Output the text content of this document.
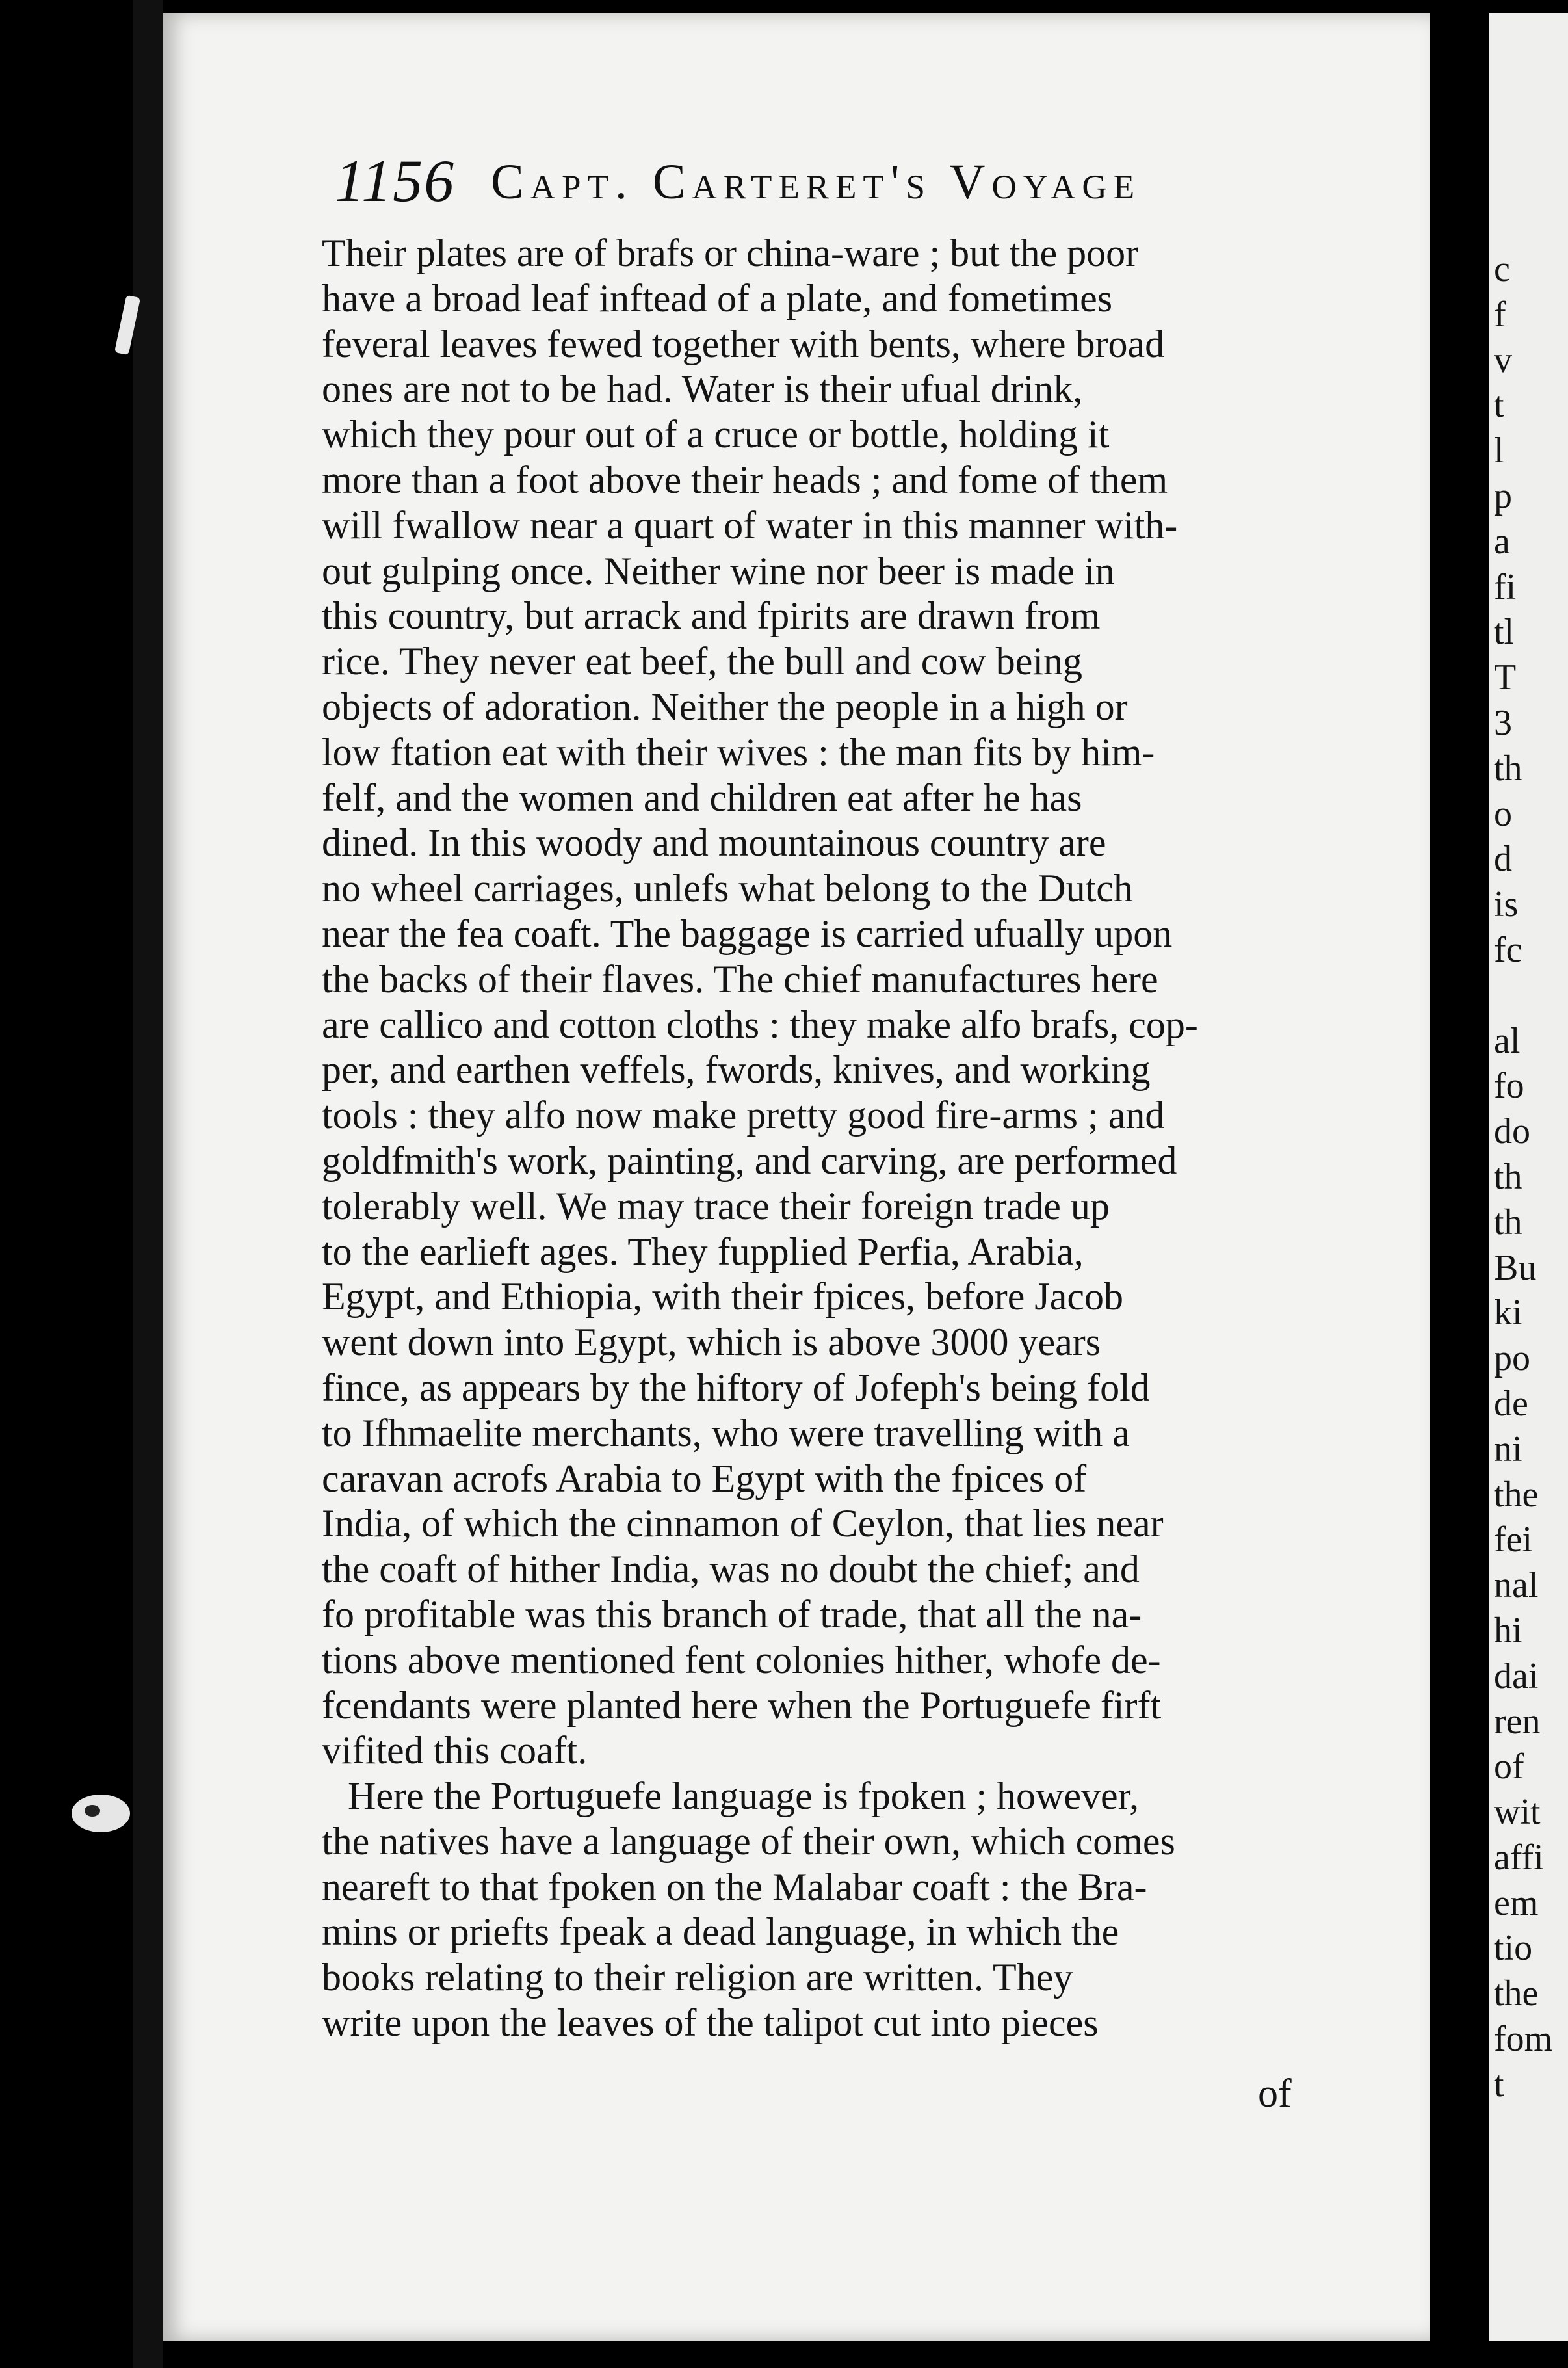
1156 Capt. Carteret's Voyage
Their plates are of brafs or china-ware ; but the poor
have a broad leaf inftead of a plate, and fometimes
feveral leaves fewed together with bents, where broad
ones are not to be had. Water is their ufual drink,
which they pour out of a cruce or bottle, holding it
more than a foot above their heads ; and fome of them
will fwallow near a quart of water in this manner with-
out gulping once. Neither wine nor beer is made in
this country, but arrack and fpirits are drawn from
rice. They never eat beef, the bull and cow being
objects of adoration. Neither the people in a high or
low ftation eat with their wives : the man fits by him-
felf, and the women and children eat after he has
dined. In this woody and mountainous country are
no wheel carriages, unlefs what belong to the Dutch
near the fea coaft. The baggage is carried ufually upon
the backs of their flaves. The chief manufactures here
are callico and cotton cloths : they make alfo brafs, cop-
per, and earthen veffels, fwords, knives, and working
tools : they alfo now make pretty good fire-arms ; and
goldfmith's work, painting, and carving, are performed
tolerably well. We may trace their foreign trade up
to the earlieft ages. They fupplied Perfia, Arabia,
Egypt, and Ethiopia, with their fpices, before Jacob
went down into Egypt, which is above 3000 years
fince, as appears by the hiftory of Jofeph's being fold
to Ifhmaelite merchants, who were travelling with a
caravan acrofs Arabia to Egypt with the fpices of
India, of which the cinnamon of Ceylon, that lies near
the coaft of hither India, was no doubt the chief; and
fo profitable was this branch of trade, that all the na-
tions above mentioned fent colonies hither, whofe de-
fcendants were planted here when the Portuguefe firft
vifited this coaft.
Here the Portuguefe language is fpoken ; however,
the natives have a language of their own, which comes
neareft to that fpoken on the Malabar coaft : the Bra-
mins or priefts fpeak a dead language, in which the
books relating to their religion are written. They
write upon the leaves of the talipot cut into pieces
of
c
f
v
t
l
p
a
fi
tl
T
3
th
o
d
is
fc
al
fo
do
th
th
Bu
ki
po
de
ni
the
fei
nal
hi
dai
ren
of
wit
affi
em
tio
the
fom
t
